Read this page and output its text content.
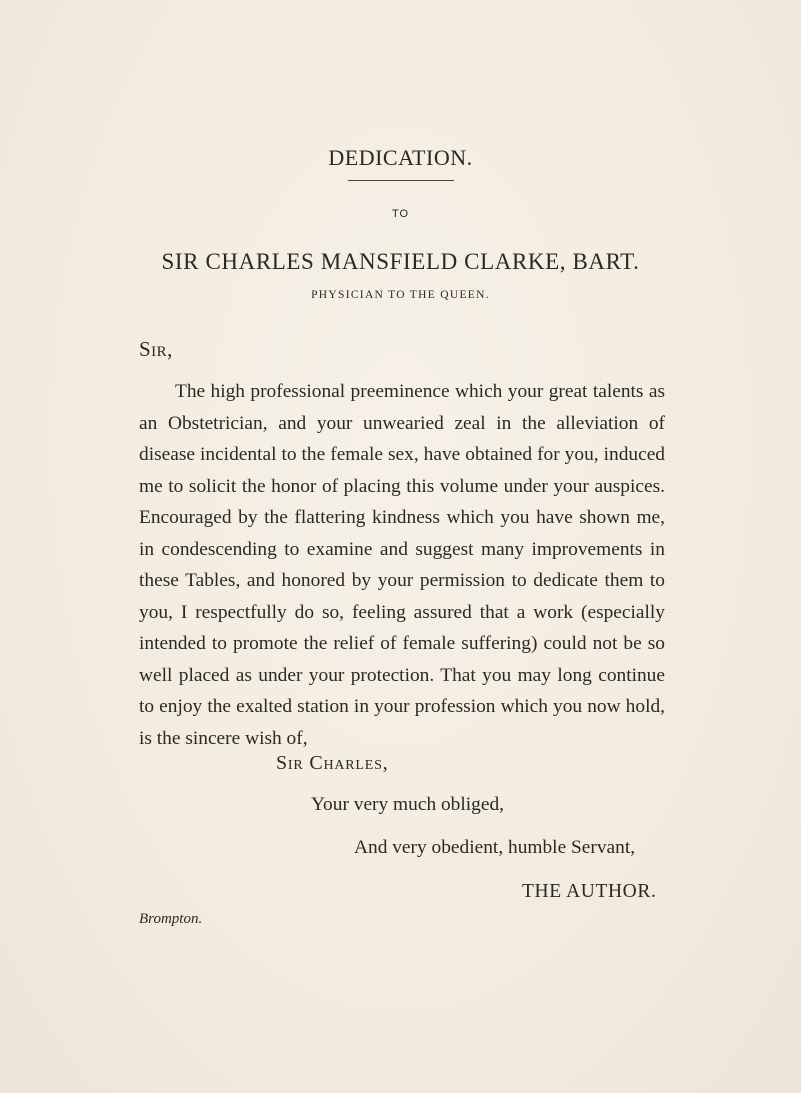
DEDICATION.
TO
SIR CHARLES MANSFIELD CLARKE, BART.
PHYSICIAN TO THE QUEEN.
Sir,

The high professional preeminence which your great talents as an Obstetrician, and your unwearied zeal in the alleviation of disease incidental to the female sex, have obtained for you, induced me to solicit the honor of placing this volume under your auspices. Encouraged by the flattering kindness which you have shown me, in condescending to examine and suggest many improvements in these Tables, and honored by your permission to dedicate them to you, I respectfully do so, feeling assured that a work (especially intended to promote the relief of female suffering) could not be so well placed as under your protection. That you may long continue to enjoy the exalted station in your profession which you now hold, is the sincere wish of,

Sir Charles,
Your very much obliged,
And very obedient, humble Servant,
THE AUTHOR.
Brompton.
